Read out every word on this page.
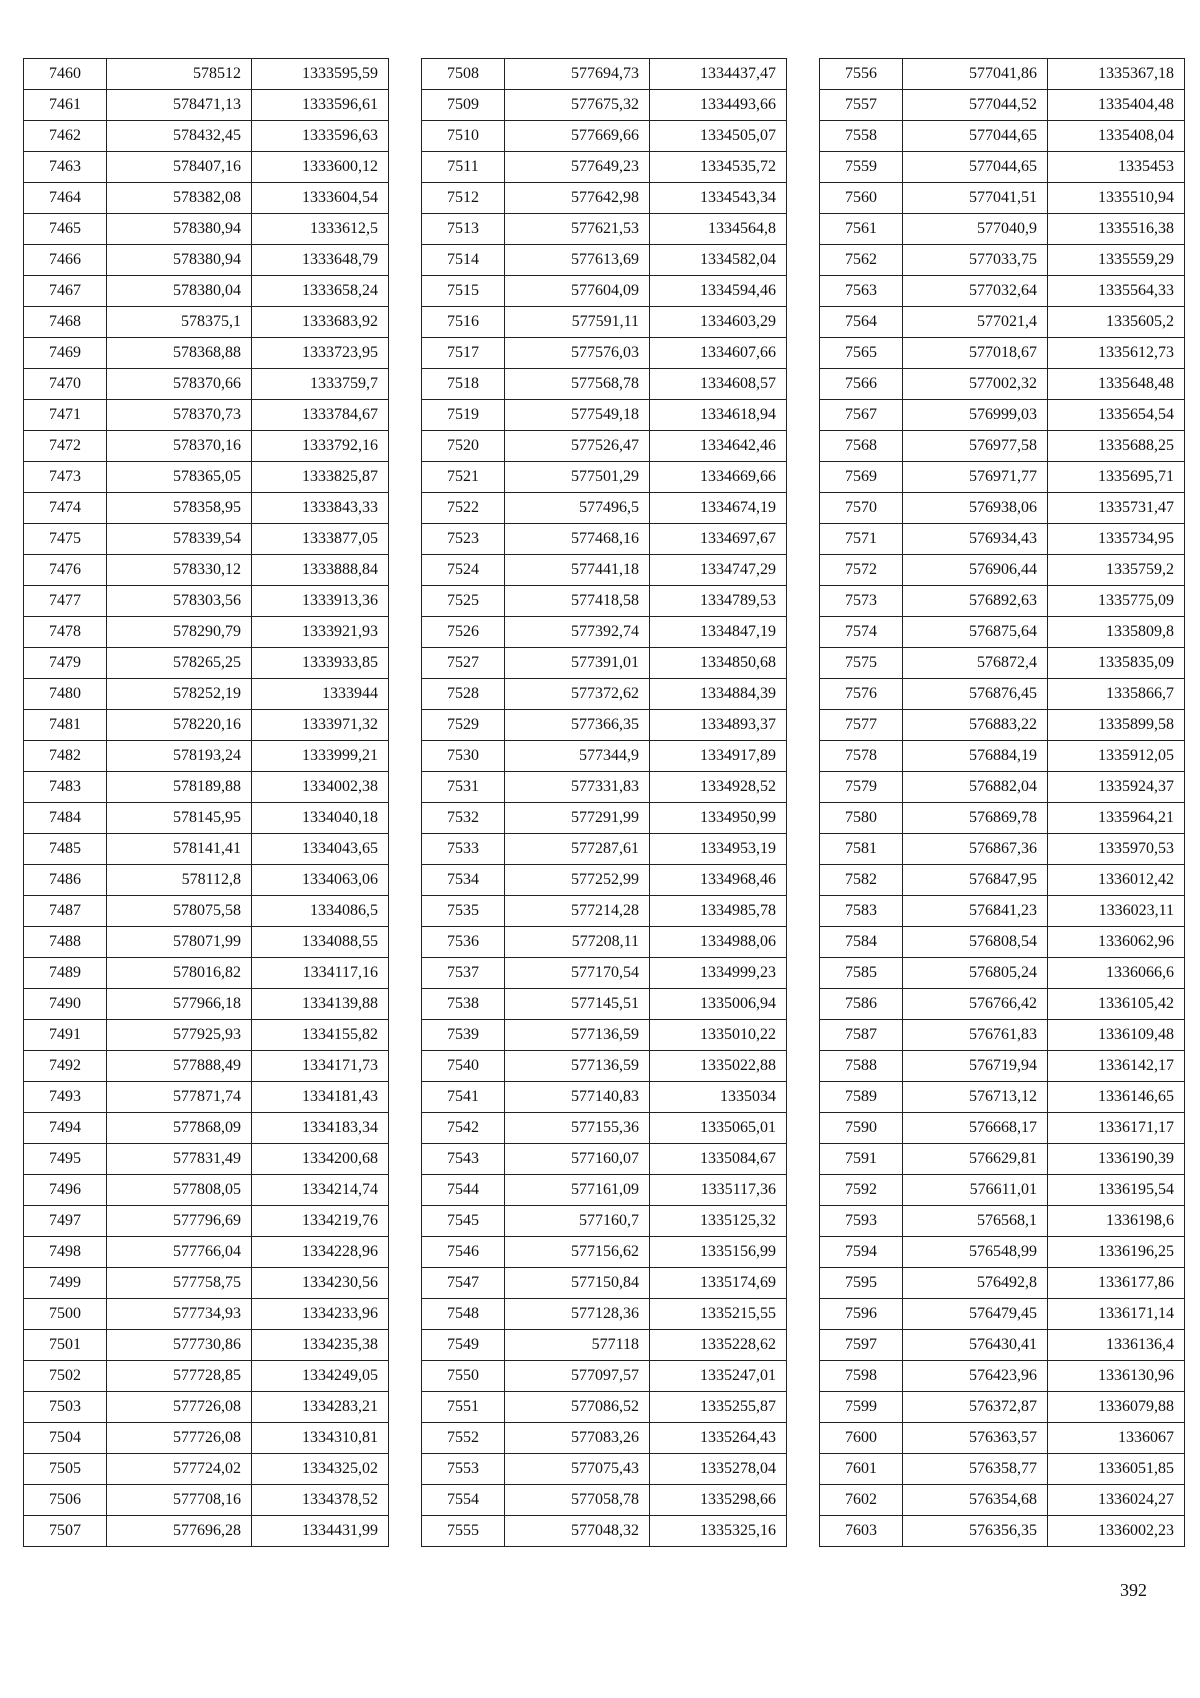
7460	578512	1333595,59
7461	578471,13	1333596,61
7462	578432,45	1333596,63
7463	578407,16	1333600,12
7464	578382,08	1333604,54
7465	578380,94	1333612,5
7466	578380,94	1333648,79
7467	578380,04	1333658,24
7468	578375,1	1333683,92
7469	578368,88	1333723,95
7470	578370,66	1333759,7
7471	578370,73	1333784,67
7472	578370,16	1333792,16
7473	578365,05	1333825,87
7474	578358,95	1333843,33
7475	578339,54	1333877,05
7476	578330,12	1333888,84
7477	578303,56	1333913,36
7478	578290,79	1333921,93
7479	578265,25	1333933,85
7480	578252,19	1333944
7481	578220,16	1333971,32
7482	578193,24	1333999,21
7483	578189,88	1334002,38
7484	578145,95	1334040,18
7485	578141,41	1334043,65
7486	578112,8	1334063,06
7487	578075,58	1334086,5
7488	578071,99	1334088,55
7489	578016,82	1334117,16
7490	577966,18	1334139,88
7491	577925,93	1334155,82
7492	577888,49	1334171,73
7493	577871,74	1334181,43
7494	577868,09	1334183,34
7495	577831,49	1334200,68
7496	577808,05	1334214,74
7497	577796,69	1334219,76
7498	577766,04	1334228,96
7499	577758,75	1334230,56
7500	577734,93	1334233,96
7501	577730,86	1334235,38
7502	577728,85	1334249,05
7503	577726,08	1334283,21
7504	577726,08	1334310,81
7505	577724,02	1334325,02
7506	577708,16	1334378,52
7507	577696,28	1334431,99
7508	577694,73	1334437,47
7509	577675,32	1334493,66
7510	577669,66	1334505,07
7511	577649,23	1334535,72
7512	577642,98	1334543,34
7513	577621,53	1334564,8
7514	577613,69	1334582,04
7515	577604,09	1334594,46
7516	577591,11	1334603,29
7517	577576,03	1334607,66
7518	577568,78	1334608,57
7519	577549,18	1334618,94
7520	577526,47	1334642,46
7521	577501,29	1334669,66
7522	577496,5	1334674,19
7523	577468,16	1334697,67
7524	577441,18	1334747,29
7525	577418,58	1334789,53
7526	577392,74	1334847,19
7527	577391,01	1334850,68
7528	577372,62	1334884,39
7529	577366,35	1334893,37
7530	577344,9	1334917,89
7531	577331,83	1334928,52
7532	577291,99	1334950,99
7533	577287,61	1334953,19
7534	577252,99	1334968,46
7535	577214,28	1334985,78
7536	577208,11	1334988,06
7537	577170,54	1334999,23
7538	577145,51	1335006,94
7539	577136,59	1335010,22
7540	577136,59	1335022,88
7541	577140,83	1335034
7542	577155,36	1335065,01
7543	577160,07	1335084,67
7544	577161,09	1335117,36
7545	577160,7	1335125,32
7546	577156,62	1335156,99
7547	577150,84	1335174,69
7548	577128,36	1335215,55
7549	577118	1335228,62
7550	577097,57	1335247,01
7551	577086,52	1335255,87
7552	577083,26	1335264,43
7553	577075,43	1335278,04
7554	577058,78	1335298,66
7555	577048,32	1335325,16
7556	577041,86	1335367,18
7557	577044,52	1335404,48
7558	577044,65	1335408,04
7559	577044,65	1335453
7560	577041,51	1335510,94
7561	577040,9	1335516,38
7562	577033,75	1335559,29
7563	577032,64	1335564,33
7564	577021,4	1335605,2
7565	577018,67	1335612,73
7566	577002,32	1335648,48
7567	576999,03	1335654,54
7568	576977,58	1335688,25
7569	576971,77	1335695,71
7570	576938,06	1335731,47
7571	576934,43	1335734,95
7572	576906,44	1335759,2
7573	576892,63	1335775,09
7574	576875,64	1335809,8
7575	576872,4	1335835,09
7576	576876,45	1335866,7
7577	576883,22	1335899,58
7578	576884,19	1335912,05
7579	576882,04	1335924,37
7580	576869,78	1335964,21
7581	576867,36	1335970,53
7582	576847,95	1336012,42
7583	576841,23	1336023,11
7584	576808,54	1336062,96
7585	576805,24	1336066,6
7586	576766,42	1336105,42
7587	576761,83	1336109,48
7588	576719,94	1336142,17
7589	576713,12	1336146,65
7590	576668,17	1336171,17
7591	576629,81	1336190,39
7592	576611,01	1336195,54
7593	576568,1	1336198,6
7594	576548,99	1336196,25
7595	576492,8	1336177,86
7596	576479,45	1336171,14
7597	576430,41	1336136,4
7598	576423,96	1336130,96
7599	576372,87	1336079,88
7600	576363,57	1336067
7601	576358,77	1336051,85
7602	576354,68	1336024,27
7603	576356,35	1336002,23
392
